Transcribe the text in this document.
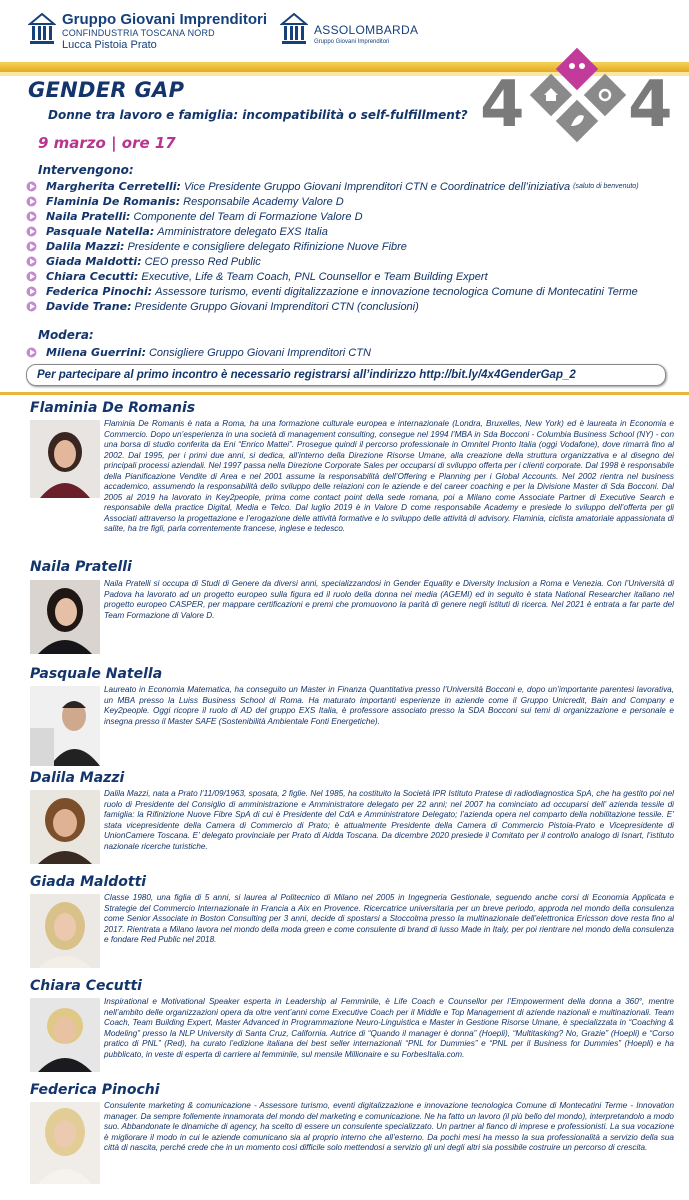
Gruppo Giovani Imprenditori
CONFINDUSTRIA TOSCANA NORD
Lucca Pistoia Prato
ASSOLOMBARDA
Gruppo Giovani Imprenditori
4 4
GENDER GAP
Donne tra lavoro e famiglia: incompatibilità o self-fulfillment?
9 marzo | ore 17
Intervengono:
Margherita Cerretelli: Vice Presidente Gruppo Giovani Imprenditori CTN e Coordinatrice dell’iniziativa (saluto di benvenuto)
Flaminia De Romanis: Responsabile Academy Valore D
Naila Pratelli: Componente del Team di Formazione Valore D
Pasquale Natella: Amministratore delegato EXS Italia
Dalila Mazzi: Presidente e consigliere delegato Rifinizione Nuove Fibre
Giada Maldotti: CEO presso Red Public
Chiara Cecutti: Executive, Life & Team Coach, PNL Counsellor e Team Building Expert
Federica Pinochi: Assessore turismo, eventi digitalizzazione e innovazione tecnologica Comune di Montecatini Terme
Davide Trane: Presidente Gruppo Giovani Imprenditori CTN (conclusioni)
Modera:
Milena Guerrini: Consigliere Gruppo Giovani Imprenditori CTN
Per partecipare al primo incontro è necessario registrarsi all’indirizzo http://bit.ly/4x4GenderGap_2
Flaminia De Romanis
Flaminia De Romanis è nata a Roma, ha una formazione culturale europea e internazionale (Londra, Bruxelles, New York) ed è laureata in Economia e Commercio. Dopo un’esperienza in una società di management consulting, consegue nel 1994 l’MBA in Sda Bocconi - Columbia Business School (NY) - con una borsa di studio conferita da Eni “Enrico Mattei”. Prosegue quindi il percorso professionale in Omnitel Pronto Italia (oggi Vodafone), dove rimarrà fino al 2002. Dal 1995, per i primi due anni, si dedica, all’interno della Direzione Risorse Umane, alla creazione della struttura organizzativa e al disegno dei principali processi aziendali. Nel 1997 passa nella Direzione Corporate Sales per occuparsi di sviluppo offerta per i clienti corporate. Dal 1998 è responsabile della Pianificazione Vendite di Area e nel 2001 assume la responsabilità dell’Offering e Planning per i Global Accounts. Nel 2002 rientra nel business accademico, assumendo la responsabilità dello sviluppo delle relazioni con le aziende e del career coaching e per la Divisione Master di Sda Bocconi. Dal 2005 al 2019 ha lavorato in Key2people, prima come contact point della sede romana, poi a Milano come Associate Partner di Executive Search e responsabile della practice Digital, Media e Telco. Dal luglio 2019 è in Valore D come responsabile Academy e presiede lo sviluppo dell’offerta per gli Associati attraverso la progettazione e l’erogazione delle attività formative e lo sviluppo delle attività di advisory. Flaminia, ciclista amatoriale appassionata di salite, ha tre figli, parla correntemente francese, inglese e tedesco.
Naila Pratelli
Naila Pratelli si occupa di Studi di Genere da diversi anni, specializzandosi in Gender Equality e Diversity Inclusion a Roma e Venezia. Con l’Università di Padova ha lavorato ad un progetto europeo sulla figura ed il ruolo della donna nei media (AGEMI) ed in seguito è stata National Researcher italiano nel progetto europeo CASPER, per mappare certificazioni e premi che promuovono la parità di genere negli istituti di ricerca. Nel 2021 è entrata a far parte del Team Formazione di Valore D.
Pasquale Natella
Laureato in Economia Matematica, ha conseguito un Master in Finanza Quantitativa presso l’Università Bocconi e, dopo un’importante parentesi lavorativa, un MBA presso la Luiss Business School di Roma. Ha maturato importanti esperienze in aziende come il Gruppo Unicredit, Bain and Company e Key2people. Oggi ricopre il ruolo di AD del gruppo EXS Italia, è professore associato presso la SDA Bocconi sui temi di organizzazione e personale e insegna presso il Master SAFE (Sostenibilità Ambientale Fonti Energetiche).
Dalila Mazzi
Dalila Mazzi, nata a Prato l’11/09/1963, sposata, 2 figlie. Nel 1985, ha costituito la Società IPR Istituto Pratese di radiodiagnostica SpA, che ha gestito poi nel ruolo di Presidente del Consiglio di amministrazione e Amministratore delegato per 22 anni; nel 2007 ha cominciato ad occuparsi dell’ azienda tessile di famiglia: la Rifinizione Nuove Fibre SpA di cui è Presidente del CdA e Amministratore Delegato; l’azienda opera nel comparto della nobilitazione tessile. E’ stata vicepresidente della Camera di Commercio di Prato; è attualmente Presidente della Camera di Commercio Pistoia-Prato e Vicepresidente di UnionCamere Toscana. E’ delegato provinciale per Prato di Aidda Toscana. Da dicembre 2020 presiede il Comitato per il controllo analogo di Isnart, l’istituto nazionale ricerche turistiche.
Giada Maldotti
Classe 1980, una figlia di 5 anni, si laurea al Politecnico di Milano nel 2005 in Ingegneria Gestionale, seguendo anche corsi di Economia Applicata e Strategie del Commercio Internazionale in Francia a Aix en Provence. Ricercatrice universitaria per un breve periodo, approda nel mondo della consulenza come Senior Associate in Boston Consulting per 3 anni, decide di spostarsi a Stoccolma presso la multinazionale dell’elettronica Ericsson dove resta fino al 2017. Rientrata a Milano lavora nel mondo della moda green e come consulente di brand di lusso Made in Italy, per poi rientrare nel mondo della consulenza e fondare Red Public nel 2018.
Chiara Cecutti
Inspirational e Motivational Speaker esperta in Leadership al Femminile, è Life Coach e Counsellor per l’Empowerment della donna a 360°, mentre nell’ambito delle organizzazioni opera da oltre vent’anni come Executive Coach per il Middle e Top Management di aziende nazionali e multinazionali. Team Coach, Team Building Expert, Master Advanced in Programmazione Neuro-Linguistica e Master in Gestione Risorse Umane, è specializzata in “Coaching & Modeling” presso la NLP University di Santa Cruz, California. Autrice di “Quando il manager è donna” (Hoepli), “Multitasking? No, Grazie” (Hoepli) e “Corso pratico di PNL” (Red), ha curato l’edizione italiana dei best seller internazionali “PNL for Dummies” e “PNL per il Business for Dummies” (Hoepli) e ha pubblicato, in veste di esperta di carriere al femminile, sul mensile Millionaire e su ForbesItalia.com.
Federica Pinochi
Consulente marketing & comunicazione - Assessore turismo, eventi digitalizzazione e innovazione tecnologica Comune di Montecatini Terme - Innovation manager. Da sempre follemente innamorata del mondo del marketing e comunicazione. Ne ha fatto un lavoro (il più bello del mondo), interpretandolo a modo suo. Abbandonate le dinamiche di agency, ha scelto di essere un consulente specializzato. Un partner al fianco di imprese e professionisti. La sua vocazione è migliorare il modo in cui le aziende comunicano sia al proprio interno che all’esterno. Da pochi mesi ha messo la sua professionalità a servizio della sua città di nascita, perché crede che in un momento così difficile solo mettendosi a servizio gli uni degli altri sia possibile costruire un percorso di crescita.
